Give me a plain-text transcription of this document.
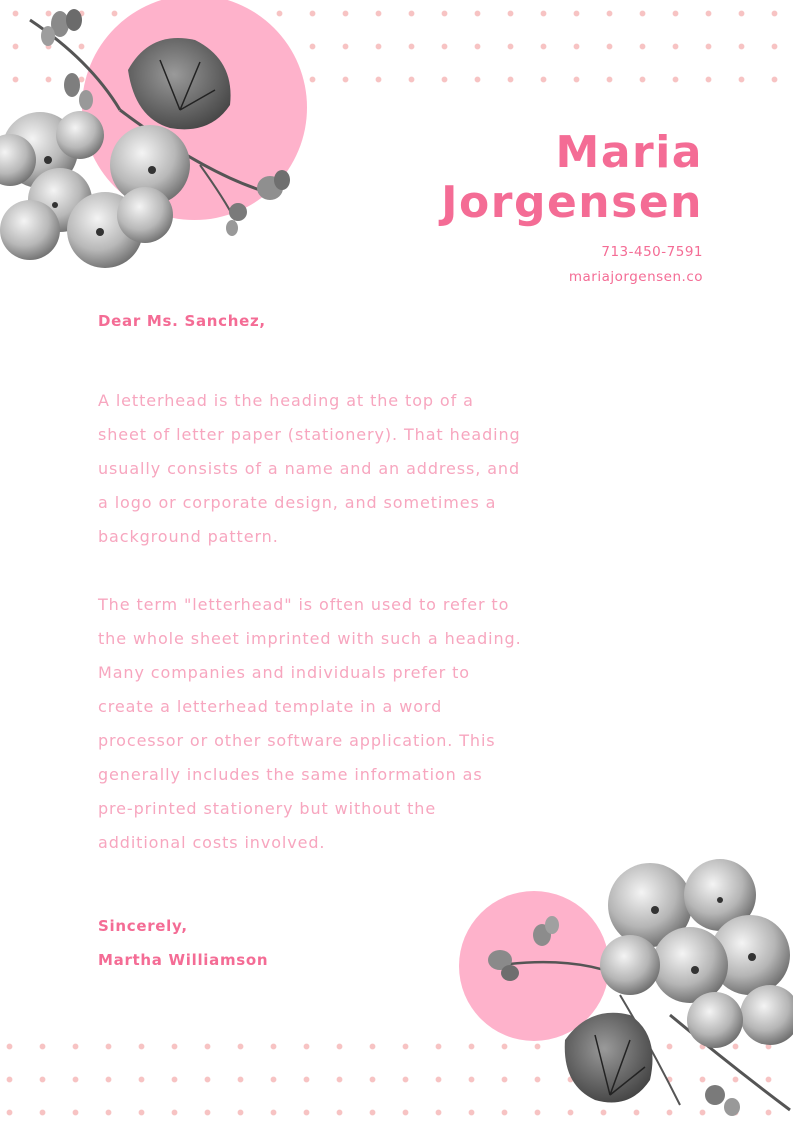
Maria
Jorgensen
713-450-7591
mariajorgensen.co
Dear Ms. Sanchez,
A letterhead is the heading at the top of a
sheet of letter paper (stationery). That heading
usually consists of a name and an address, and
a logo or corporate design, and sometimes a
background pattern.
The term "letterhead" is often used to refer to
the whole sheet imprinted with such a heading.
Many companies and individuals prefer to
create a letterhead template in a word
processor or other software application. This
generally includes the same information as
pre-printed stationery but without the
additional costs involved.
Sincerely,
Martha Williamson
